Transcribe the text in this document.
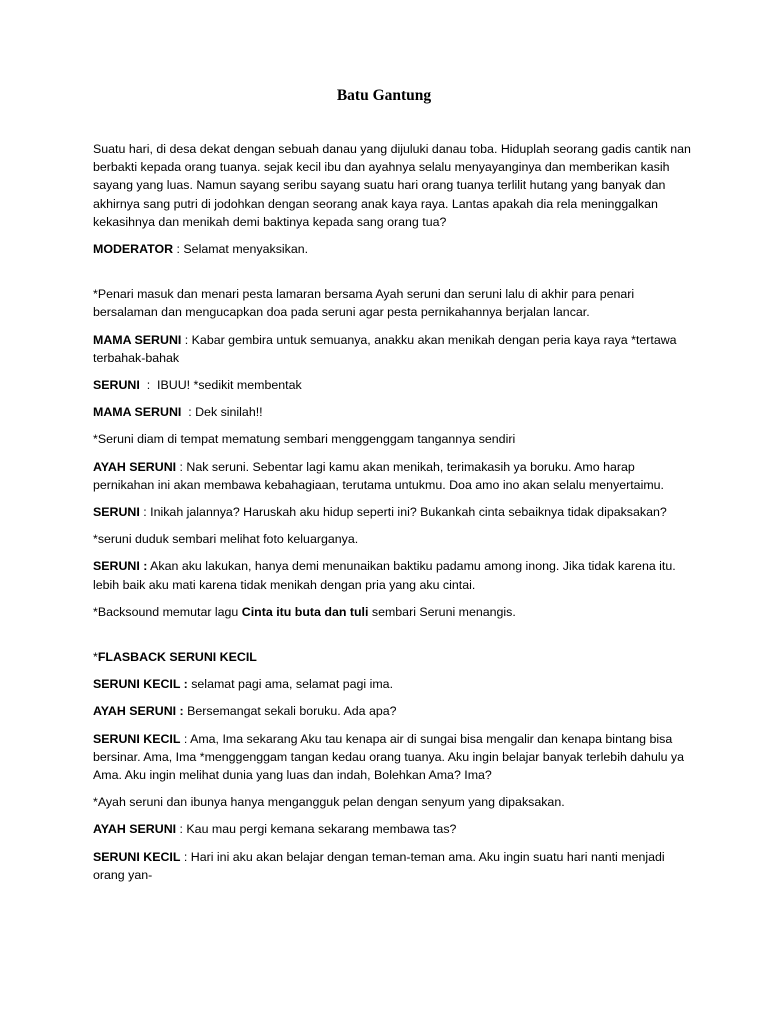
Batu Gantung

Suatu hari, di desa dekat dengan sebuah danau yang dijuluki danau toba. Hiduplah seorang gadis cantik nan berbakti kepada orang tuanya. sejak kecil ibu dan ayahnya selalu menyayanginya dan memberikan kasih sayang yang luas. Namun sayang seribu sayang suatu hari orang tuanya terlilit hutang yang banyak dan akhirnya sang putri di jodohkan dengan seorang anak kaya raya. Lantas apakah dia rela meninggalkan kekasihnya dan menikah demi baktinya kepada sang orang tua?

MODERATOR : Selamat menyaksikan.

*Penari masuk dan menari pesta lamaran bersama Ayah seruni dan seruni lalu di akhir para penari bersalaman dan mengucapkan doa pada seruni agar pesta pernikahannya berjalan lancar.

MAMA SERUNI : Kabar gembira untuk semuanya, anakku akan menikah dengan peria kaya raya *tertawa terbahak-bahak

SERUNI  :  IBUU! *sedikit membentak

MAMA SERUNI  : Dek sinilah!!

*Seruni diam di tempat mematung sembari menggenggam tangannya sendiri

AYAH SERUNI : Nak seruni. Sebentar lagi kamu akan menikah, terimakasih ya boruku. Amo harap pernikahan ini akan membawa kebahagiaan, terutama untukmu. Doa amo ino akan selalu menyertaimu.

SERUNI : Inikah jalannya? Haruskah aku hidup seperti ini? Bukankah cinta sebaiknya tidak dipaksakan?

*seruni duduk sembari melihat foto keluarganya.

SERUNI : Akan aku lakukan, hanya demi menunaikan baktiku padamu among inong. Jika tidak karena itu. lebih baik aku mati karena tidak menikah dengan pria yang aku cintai.

*Backsound memutar lagu Cinta itu buta dan tuli sembari Seruni menangis.

*FLASBACK SERUNI KECIL

SERUNI KECIL : selamat pagi ama, selamat pagi ima.

AYAH SERUNI : Bersemangat sekali boruku. Ada apa?

SERUNI KECIL : Ama, Ima sekarang Aku tau kenapa air di sungai bisa mengalir dan kenapa bintang bisa bersinar. Ama, Ima *menggenggam tangan kedau orang tuanya. Aku ingin belajar banyak terlebih dahulu ya Ama. Aku ingin melihat dunia yang luas dan indah, Bolehkan Ama? Ima?

*Ayah seruni dan ibunya hanya mengangguk pelan dengan senyum yang dipaksakan.

AYAH SERUNI : Kau mau pergi kemana sekarang membawa tas?

SERUNI KECIL : Hari ini aku akan belajar dengan teman-teman ama. Aku ingin suatu hari nanti menjadi orang yan-
